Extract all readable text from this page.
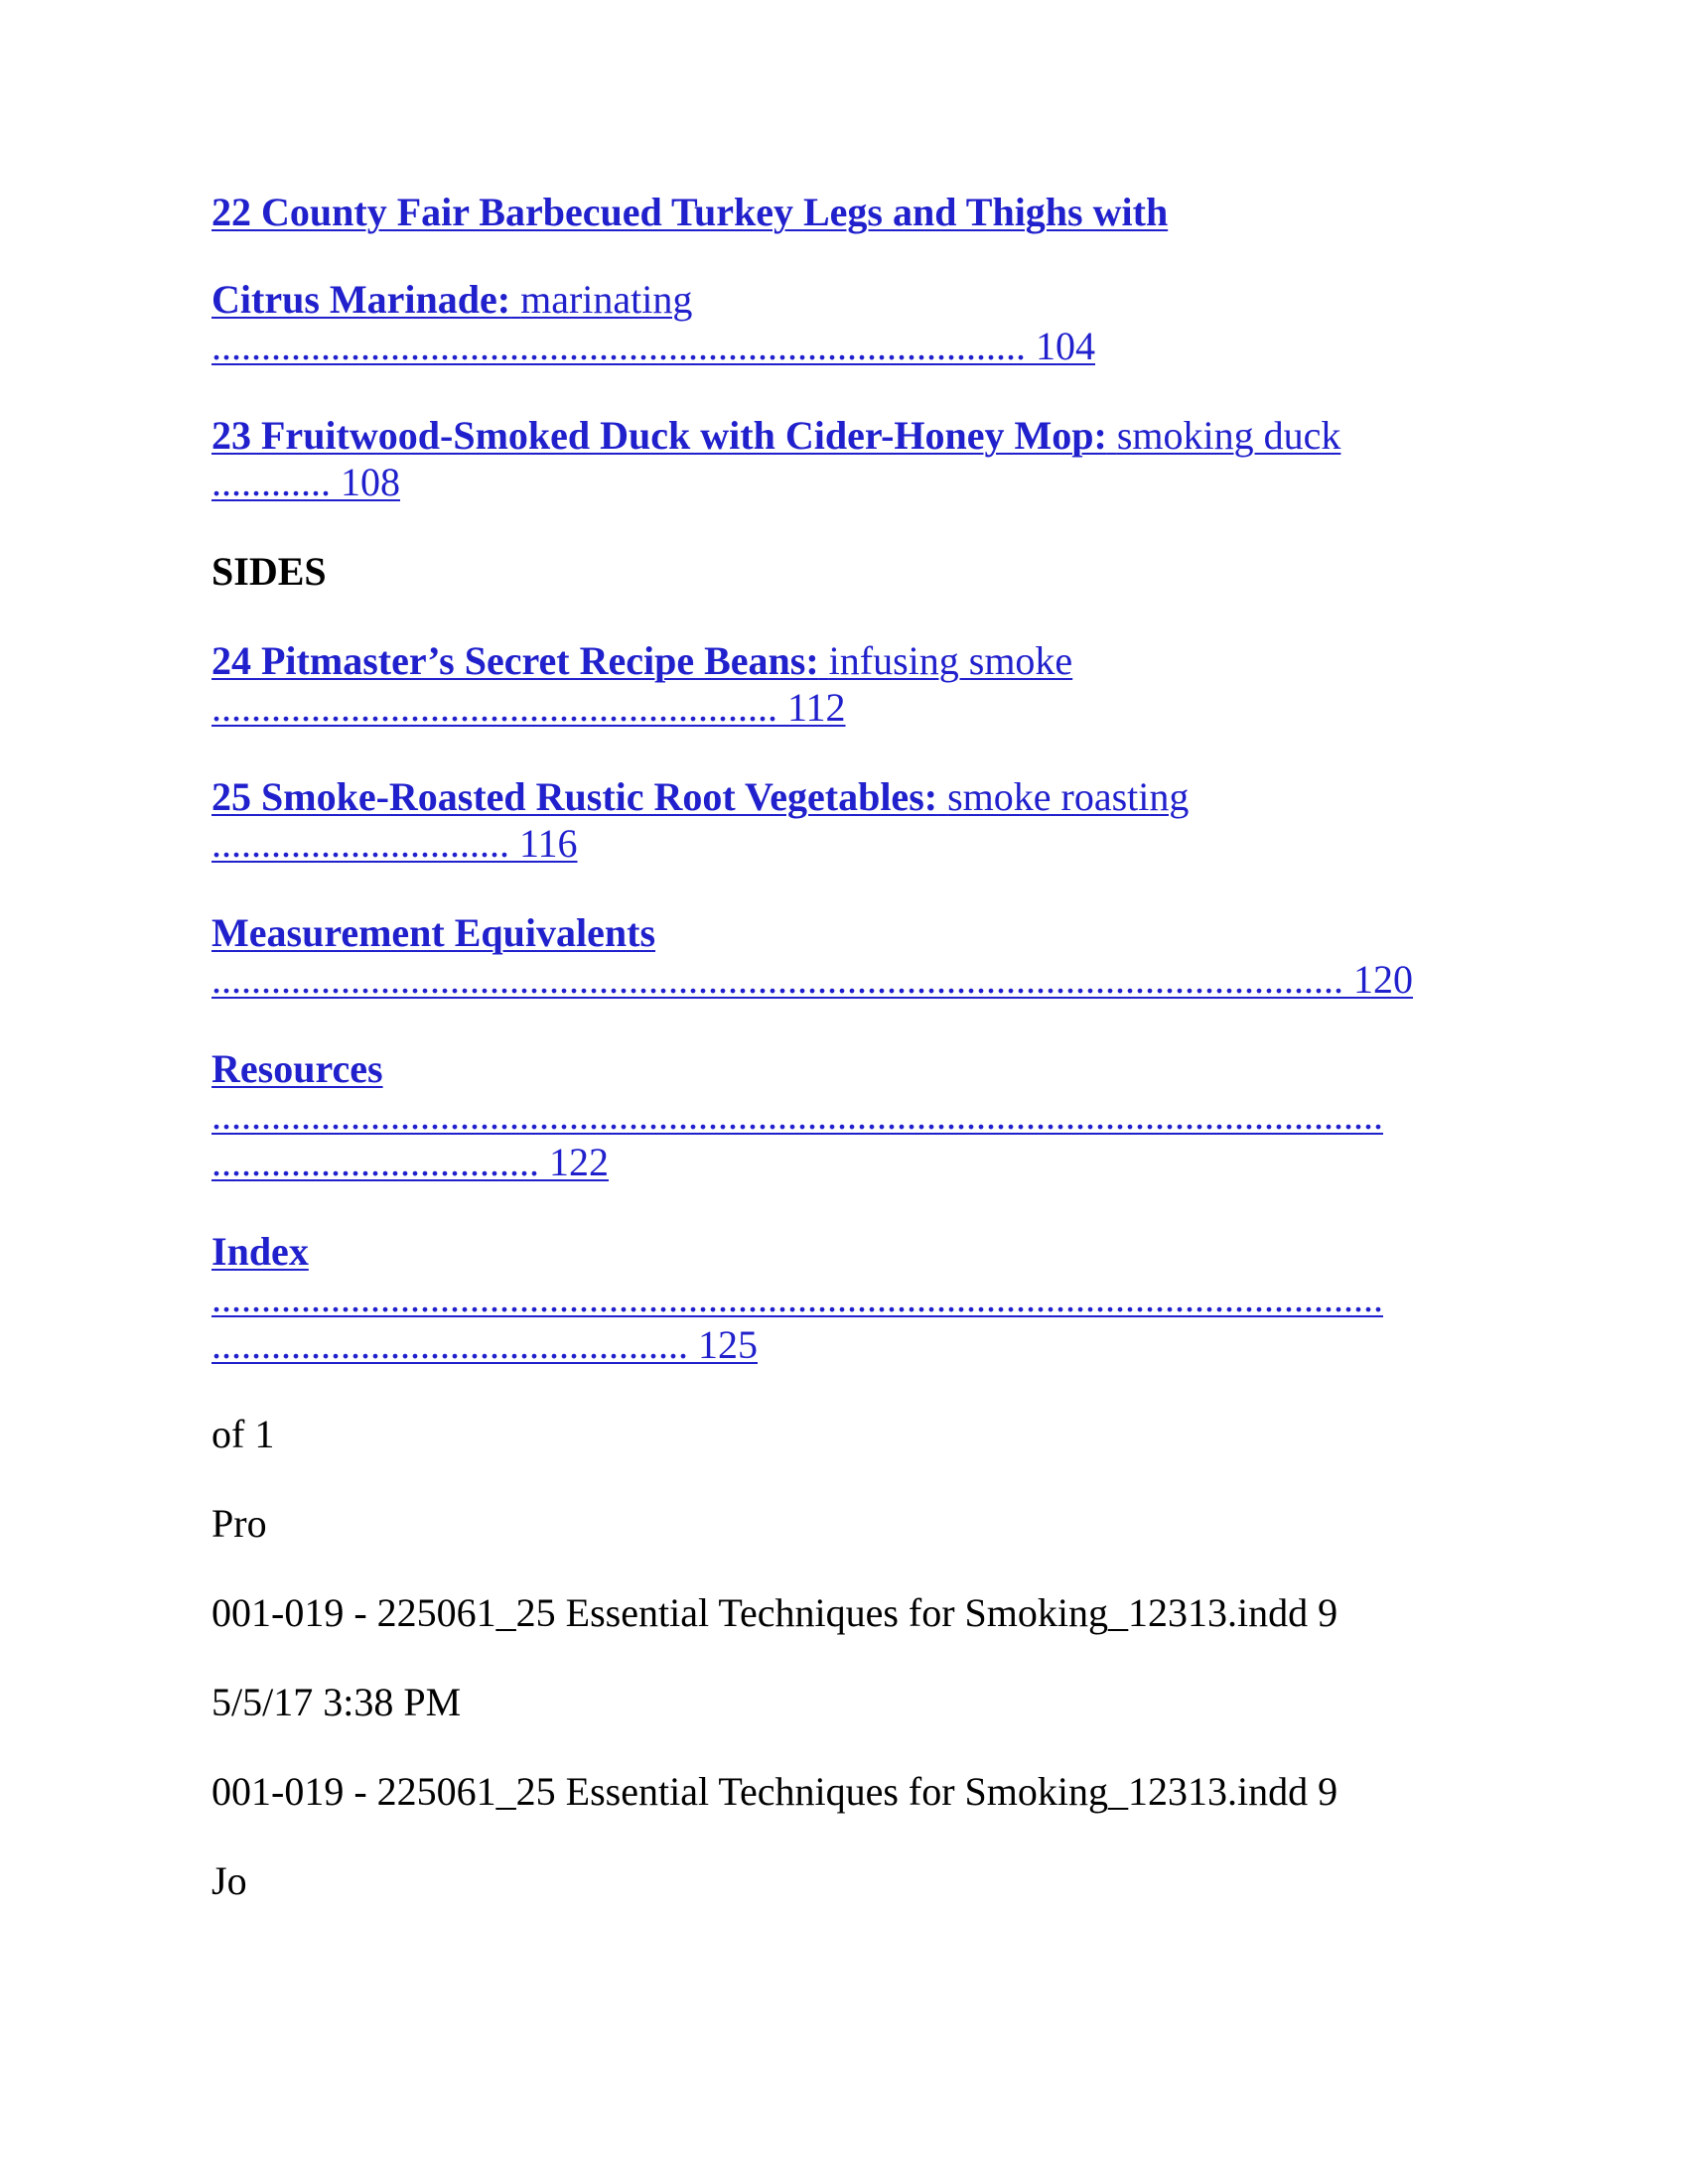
22 County Fair Barbecued Turkey Legs and Thighs with
Citrus Marinade: marinating
.................................................................................. 104
23 Fruitwood-Smoked Duck with Cider-Honey Mop: smoking duck
............ 108
SIDES
24 Pitmaster’s Secret Recipe Beans: infusing smoke
......................................................... 112
25 Smoke-Roasted Rustic Root Vegetables: smoke roasting
.............................. 116
Measurement Equivalents
.................................................................................................................. 120
Resources
......................................................................................................................
................................. 122
Index
......................................................................................................................
................................................ 125
of 1
Pro
001-019 - 225061_25 Essential Techniques for Smoking_12313.indd 9
5/5/17 3:38 PM
001-019 - 225061_25 Essential Techniques for Smoking_12313.indd 9
Jo
